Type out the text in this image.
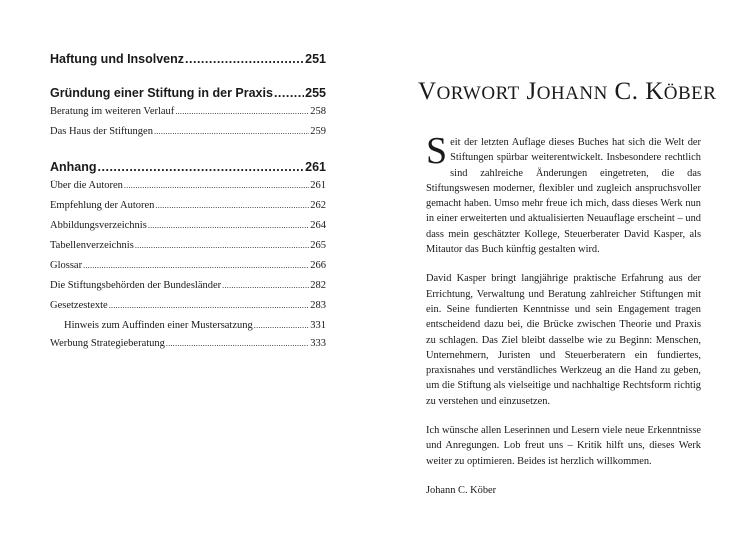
Haftung und Insolvenz .....	251
Gründung einer Stiftung in der Praxis .....	255
Beratung im weiteren Verlauf .....	258
Das Haus der Stiftungen .....	259
Anhang .....	261
Über die Autoren .....	261
Empfehlung der Autoren .....	262
Abbildungsverzeichnis .....	264
Tabellenverzeichnis .....	265
Glossar .....	266
Die Stiftungsbehörden der Bundesländer .....	282
Gesetzestexte .....	283
Hinweis zum Auffinden einer Mustersatzung .....	331
Werbung Strategieberatung .....	333
VORWORT JOHANN C. KÖBER

Seit der letzten Auflage dieses Buches hat sich die Welt der Stiftungen spürbar weiterentwickelt. Insbesondere rechtlich sind zahlreiche Änderungen eingetreten, die das Stiftungswesen moderner, flexibler und zugleich anspruchsvoller gemacht haben. Umso mehr freue ich mich, dass dieses Werk nun in einer erweiterten und aktualisierten Neuauflage erscheint – und dass mein geschätzter Kollege, Steuerberater David Kasper, als Mitautor das Buch künftig gestalten wird.

David Kasper bringt langjährige praktische Erfahrung aus der Errichtung, Verwaltung und Beratung zahlreicher Stiftungen mit ein. Seine fundierten Kenntnisse und sein Engagement tragen entscheidend dazu bei, die Brücke zwischen Theorie und Praxis zu schlagen. Das Ziel bleibt dasselbe wie zu Beginn: Menschen, Unternehmern, Juristen und Steuerberatern ein fundiertes, praxisnahes und verständliches Werkzeug an die Hand zu geben, um die Stiftung als vielseitige und nachhaltige Rechtsform richtig zu verstehen und einzusetzen.

Ich wünsche allen Leserinnen und Lesern viele neue Erkenntnisse und Anregungen. Lob freut uns – Kritik hilft uns, dieses Werk weiter zu optimieren. Beides ist herzlich willkommen.

Johann C. Köber
